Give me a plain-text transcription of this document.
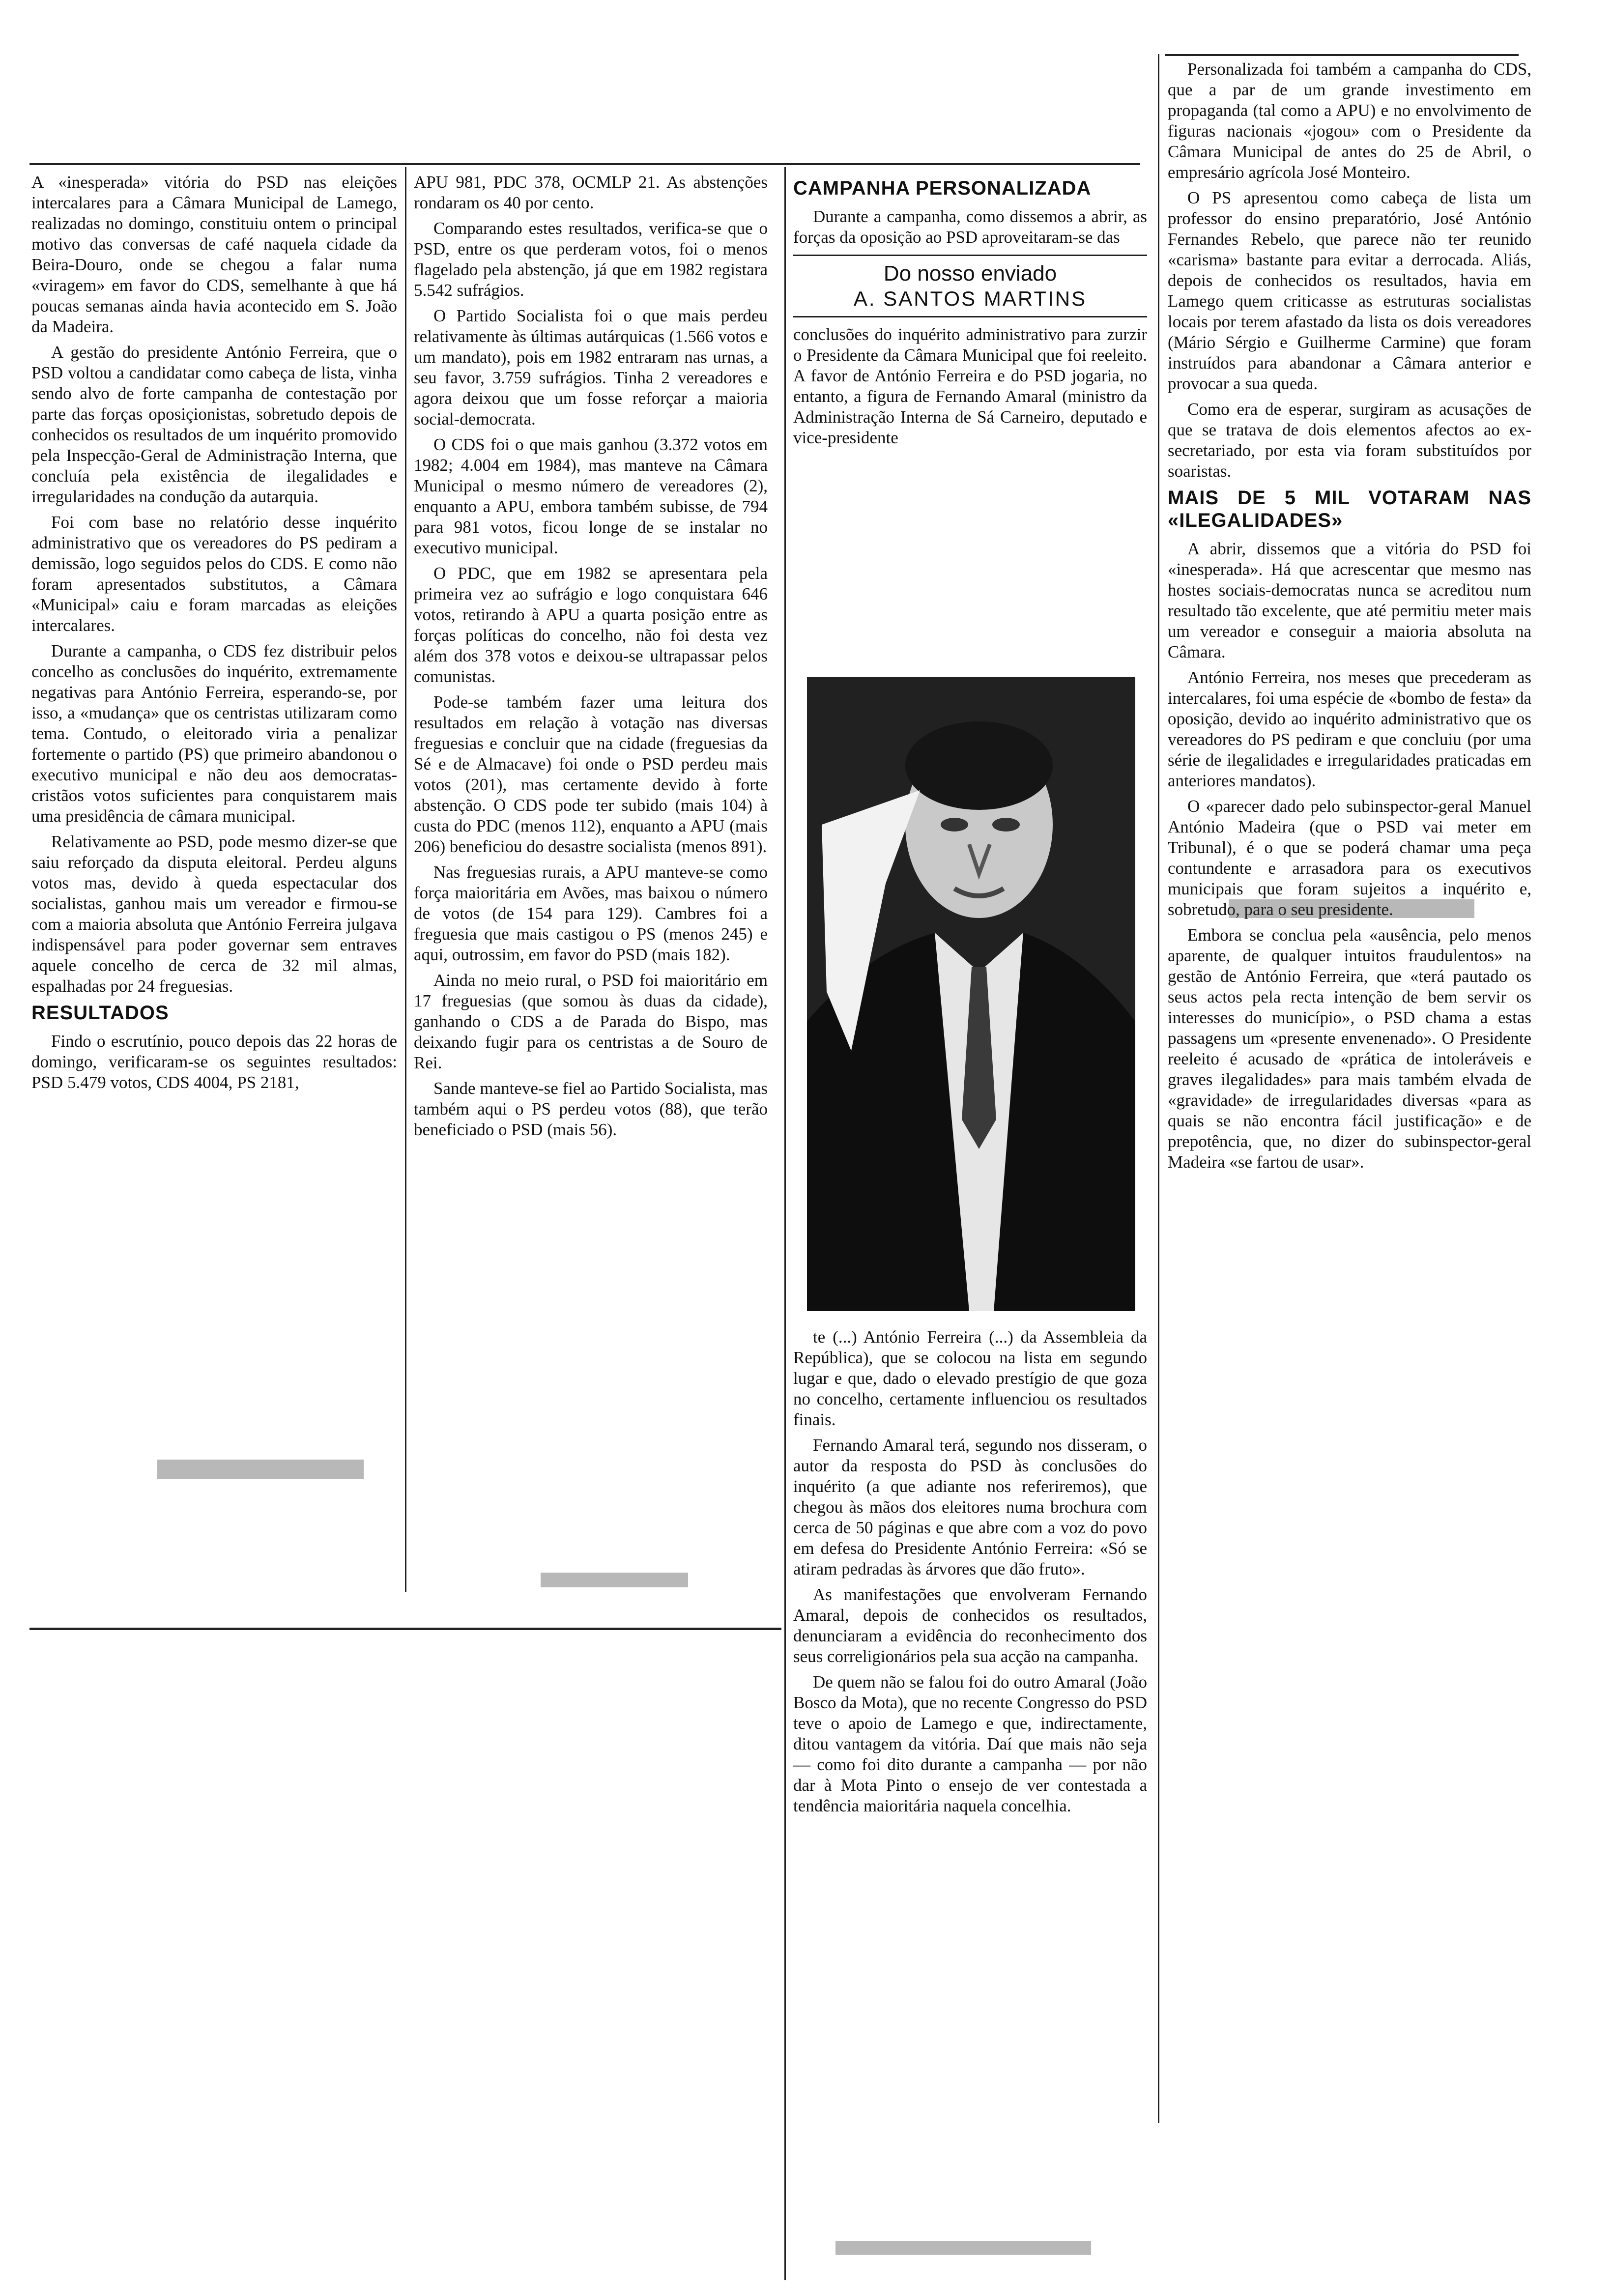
A «inesperada» vitória do PSD nas eleições intercalares para a Câmara Municipal de Lamego, realizadas no domingo, constituiu ontem o principal motivo das conversas de café naquela cidade da Beira-Douro, onde se chegou a falar numa «viragem» em favor do CDS, semelhante à que há poucas semanas ainda havia acontecido em S. João da Madeira.

A gestão do presidente António Ferreira, que o PSD voltou a candidatar como cabeça de lista, vinha sendo alvo de forte campanha de contestação por parte das forças oposiçionistas, sobretudo depois de conhecidos os resultados de um inquérito promovido pela Inspecção-Geral de Administração Interna, que concluía pela existência de ilegalidades e irregularidades na condução da autarquia.

Foi com base no relatório desse inquérito administrativo que os vereadores do PS pediram a demissão, logo seguidos pelos do CDS. E como não foram apresentados substitutos, a Câmara «Municipal» caiu e foram marcadas as eleições intercalares.

Durante a campanha, o CDS fez distribuir pelos concelho as conclusões do inquérito, extremamente negativas para António Ferreira, esperando-se, por isso, a «mudança» que os centristas utilizaram como tema. Contudo, o eleitorado viria a penalizar fortemente o partido (PS) que primeiro abandonou o executivo municipal e não deu aos democratas-cristãos votos suficientes para conquistarem mais uma presidência de câmara municipal.

Relativamente ao PSD, pode mesmo dizer-se que saiu reforçado da disputa eleitoral. Perdeu alguns votos mas, devido à queda espectacular dos socialistas, ganhou mais um vereador e firmou-se com a maioria absoluta que António Ferreira julgava indispensável para poder governar sem entraves aquele concelho de cerca de 32 mil almas, espalhadas por 24 freguesias.

RESULTADOS

Findo o escrutínio, pouco depois das 22 horas de domingo, verificaram-se os seguintes resultados: PSD 5.479 votos, CDS 4004, PS 2181,

APU 981, PDC 378, OCMLP 21. As abstenções rondaram os 40 por cento.

Comparando estes resultados, verifica-se que o PSD, entre os que perderam votos, foi o menos flagelado pela abstenção, já que em 1982 registara 5.542 sufrágios.

O Partido Socialista foi o que mais perdeu relativamente às últimas autárquicas (1.566 votos e um mandato), pois em 1982 entraram nas urnas, a seu favor, 3.759 sufrágios. Tinha 2 vereadores e agora deixou que um fosse reforçar a maioria social-democrata.

O CDS foi o que mais ganhou (3.372 votos em 1982; 4.004 em 1984), mas manteve na Câmara Municipal o mesmo número de vereadores (2), enquanto a APU, embora também subisse, de 794 para 981 votos, ficou longe de se instalar no executivo municipal.

O PDC, que em 1982 se apresentara pela primeira vez ao sufrágio e logo conquistara 646 votos, retirando à APU a quarta posição entre as forças políticas do concelho, não foi desta vez além dos 378 votos e deixou-se ultrapassar pelos comunistas.

Pode-se também fazer uma leitura dos resultados em relação à votação nas diversas freguesias e concluir que na cidade (freguesias da Sé e de Almacave) foi onde o PSD perdeu mais votos (201), mas certamente devido à forte abstenção. O CDS pode ter subido (mais 104) à custa do PDC (menos 112), enquanto a APU (mais 206) beneficiou do desastre socialista (menos 891).

Nas freguesias rurais, a APU manteve-se como força maioritária em Avões, mas baixou o número de votos (de 154 para 129). Cambres foi a freguesia que mais castigou o PS (menos 245) e aqui, outrossim, em favor do PSD (mais 182).

Ainda no meio rural, o PSD foi maioritário em 17 freguesias (que somou às duas da cidade), ganhando o CDS a de Parada do Bispo, mas deixando fugir para os centristas a de Souro de Rei.

Sande manteve-se fiel ao Partido Socialista, mas também aqui o PS perdeu votos (88), que terão beneficiado o PSD (mais 56).

CAMPANHA PERSONALIZADA

Durante a campanha, como dissemos a abrir, as forças da oposição ao PSD aproveitaram-se das

Do nosso enviado
A. SANTOS MARTINS

conclusões do inquérito administrativo para zurzir o Presidente da Câmara Municipal que foi reeleito. A favor de António Ferreira e do PSD jogaria, no entanto, a figura de Fernando Amaral (ministro da Administração Interna de Sá Carneiro, deputado e vice-presidente

te (...) António Ferreira (...) da Assembleia da República), que se colocou na lista em segundo lugar e que, dado o elevado prestígio de que goza no concelho, certamente influenciou os resultados finais.

Fernando Amaral terá, segundo nos disseram, o autor da resposta do PSD às conclusões do inquérito (a que adiante nos referiremos), que chegou às mãos dos eleitores numa brochura com cerca de 50 páginas e que abre com a voz do povo em defesa do Presidente António Ferreira: «Só se atiram pedradas às árvores que dão fruto».

As manifestações que envolveram Fernando Amaral, depois de conhecidos os resultados, denunciaram a evidência do reconhecimento dos seus correligionários pela sua acção na campanha.

De quem não se falou foi do outro Amaral (João Bosco da Mota), que no recente Congresso do PSD teve o apoio de Lamego e que, indirectamente, ditou vantagem da vitória. Daí que mais não seja — como foi dito durante a campanha — por não dar à Mota Pinto o ensejo de ver contestada a tendência maioritária naquela concelhia.

Personalizada foi também a campanha do CDS, que a par de um grande investimento em propaganda (tal como a APU) e no envolvimento de figuras nacionais «jogou» com o Presidente da Câmara Municipal de antes do 25 de Abril, o empresário agrícola José Monteiro.

O PS apresentou como cabeça de lista um professor do ensino preparatório, José António Fernandes Rebelo, que parece não ter reunido «carisma» bastante para evitar a derrocada. Aliás, depois de conhecidos os resultados, havia em Lamego quem criticasse as estruturas socialistas locais por terem afastado da lista os dois vereadores (Mário Sérgio e Guilherme Carmine) que foram instruídos para abandonar a Câmara anterior e provocar a sua queda.

Como era de esperar, surgiram as acusações de que se tratava de dois elementos afectos ao ex-secretariado, por esta via foram substituídos por soaristas.

MAIS DE 5 MIL VOTARAM NAS «ILEGALIDADES»

A abrir, dissemos que a vitória do PSD foi «inesperada». Há que acrescentar que mesmo nas hostes sociais-democratas nunca se acreditou num resultado tão excelente, que até permitiu meter mais um vereador e conseguir a maioria absoluta na Câmara.

António Ferreira, nos meses que precederam as intercalares, foi uma espécie de «bombo de festa» da oposição, devido ao inquérito administrativo que os vereadores do PS pediram e que concluiu (por uma série de ilegalidades e irregularidades praticadas em anteriores mandatos).

O «parecer dado pelo subinspector-geral Manuel António Madeira (que o PSD vai meter em Tribunal), é o que se poderá chamar uma peça contundente e arrasadora para os executivos municipais que foram sujeitos a inquérito e, sobretudo, para o seu presidente.

Embora se conclua pela «ausência, pelo menos aparente, de qualquer intuitos fraudulentos» na gestão de António Ferreira, que «terá pautado os seus actos pela recta intenção de bem servir os interesses do município», o PSD chama a estas passagens um «presente envenenado». O Presidente reeleito é acusado de «prática de intoleráveis e graves ilegalidades» para mais também elvada de «gravidade» de irregularidades diversas «para as quais se não encontra fácil justificação» e de prepotência, que, no dizer do subinspector-geral Madeira «se fartou de usar».
